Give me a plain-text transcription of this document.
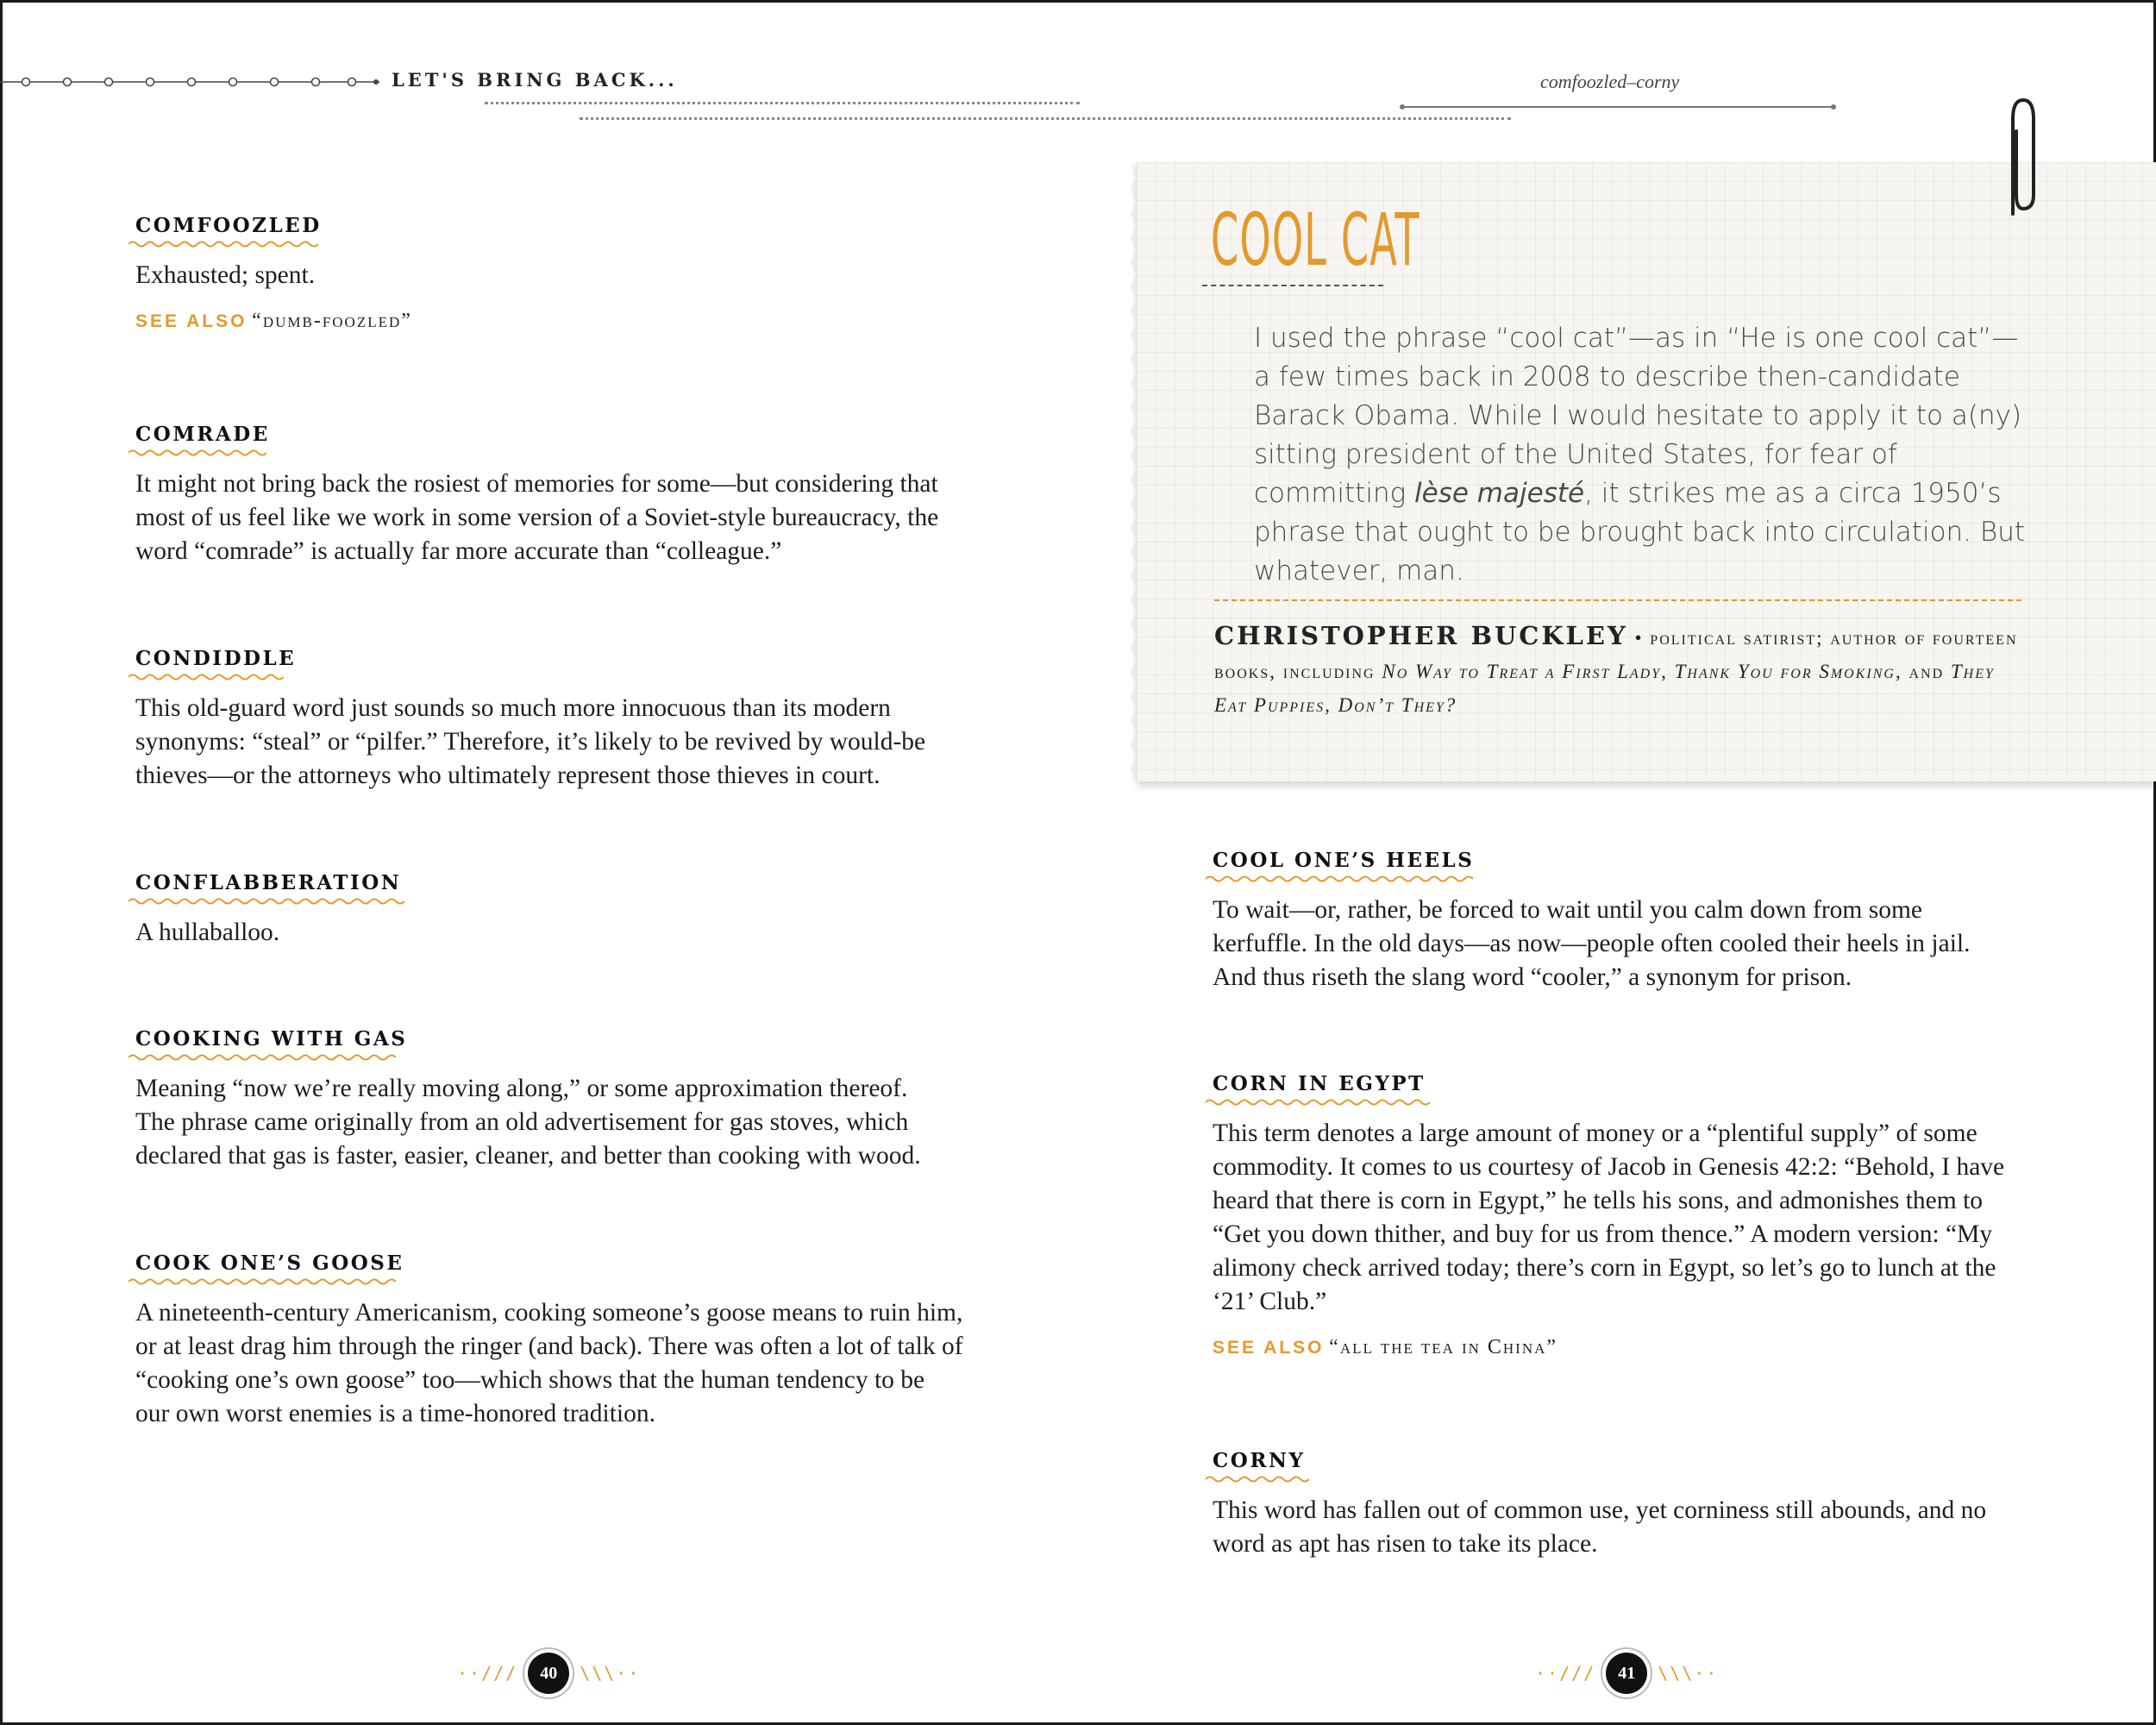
LET'S BRING BACK...	comfoozled–corny
COMFOOZLED
Exhausted; spent.
SEE ALSO “dumb-foozled”
COMRADE
It might not bring back the rosiest of memories for some—but considering that most of us feel like we work in some version of a Soviet-style bureaucracy, the word “comrade” is actually far more accurate than “colleague.”
CONDIDDLE
This old-guard word just sounds so much more innocuous than its modern synonyms: “steal” or “pilfer.” Therefore, it’s likely to be revived by would-be thieves—or the attorneys who ultimately represent those thieves in court.
CONFLABBERATION
A hullaballoo.
COOKING WITH GAS
Meaning “now we’re really moving along,” or some approximation thereof. The phrase came originally from an old advertisement for gas stoves, which declared that gas is faster, easier, cleaner, and better than cooking with wood.
COOK ONE’S GOOSE
A nineteenth-century Americanism, cooking someone’s goose means to ruin him, or at least drag him through the ringer (and back). There was often a lot of talk of “cooking one’s own goose” too—which shows that the human tendency to be our own worst enemies is a time-honored tradition.
COOL CAT
I used the phrase “cool cat”—as in “He is one cool cat”—a few times back in 2008 to describe then-candidate Barack Obama. While I would hesitate to apply it to a(ny) sitting president of the United States, for fear of committing lèse majesté, it strikes me as a circa 1950’s phrase that ought to be brought back into circulation. But whatever, man.
CHRISTOPHER BUCKLEY • political satirist; author of fourteen books, including No Way to Treat a First Lady, Thank You for Smoking, and They Eat Puppies, Don’t They?
COOL ONE’S HEELS
To wait—or, rather, be forced to wait until you calm down from some kerfuffle. In the old days—as now—people often cooled their heels in jail. And thus riseth the slang word “cooler,” a synonym for prison.
CORN IN EGYPT
This term denotes a large amount of money or a “plentiful supply” of some commodity. It comes to us courtesy of Jacob in Genesis 42:2: “Behold, I have heard that there is corn in Egypt,” he tells his sons, and admonishes them to “Get you down thither, and buy for us from thence.” A modern version: “My alimony check arrived today; there’s corn in Egypt, so let’s go to lunch at the ‘21’ Club.”
SEE ALSO “all the tea in China”
CORNY
This word has fallen out of common use, yet corniness still abounds, and no word as apt has risen to take its place.
··///	40	\\\··	··///	41	\\\··
